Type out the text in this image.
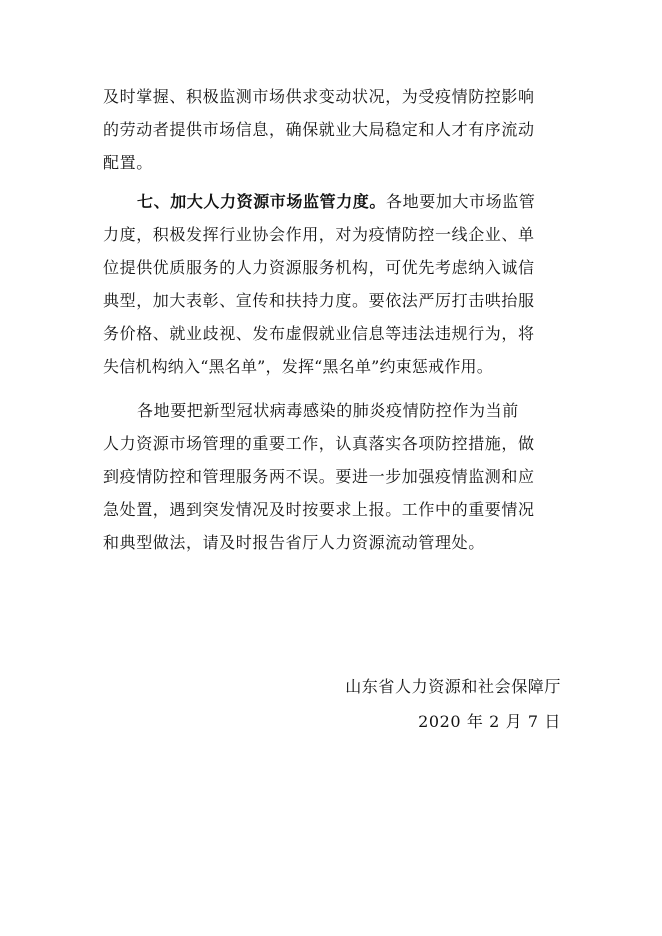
及时掌握、积极监测市场供求变动状况，为受疫情防控影响
的劳动者提供市场信息，确保就业大局稳定和人才有序流动
配置。
七、加大人力资源市场监管力度。各地要加大市场监管
力度，积极发挥行业协会作用，对为疫情防控一线企业、单
位提供优质服务的人力资源服务机构，可优先考虑纳入诚信
典型，加大表彰、宣传和扶持力度。要依法严厉打击哄抬服
务价格、就业歧视、发布虚假就业信息等违法违规行为，将
失信机构纳入“黑名单”，发挥“黑名单”约束惩戒作用。
各地要把新型冠状病毒感染的肺炎疫情防控作为当前
人力资源市场管理的重要工作，认真落实各项防控措施，做
到疫情防控和管理服务两不误。要进一步加强疫情监测和应
急处置，遇到突发情况及时按要求上报。工作中的重要情况
和典型做法，请及时报告省厅人力资源流动管理处。
山东省人力资源和社会保障厅
2020 年 2 月 7 日
